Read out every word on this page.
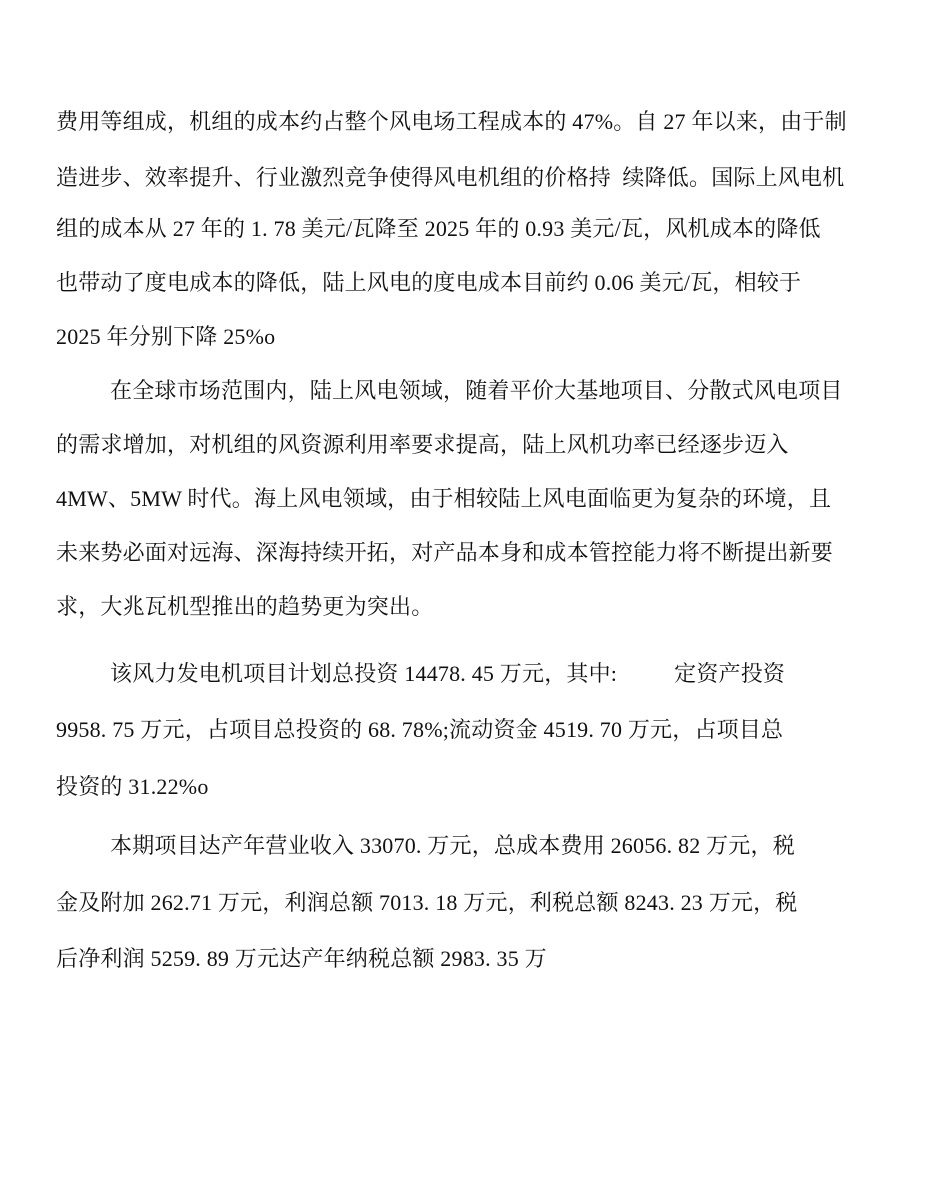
费用等组成，机组的成本约占整个风电场工程成本的 47%。自 27 年以来，由于制
造进步、效率提升、行业激烈竞争使得风电机组的价格持  续降低。国际上风电机
组的成本从 27 年的 1. 78 美元/瓦降至 2025 年的 0.93 美元/瓦，风机成本的降低
也带动了度电成本的降低，陆上风电的度电成本目前约 0.06 美元/瓦，相较于
2025 年分别下降 25%o
在全球市场范围内，陆上风电领域，随着平价大基地项目、分散式风电项目
的需求增加，对机组的风资源利用率要求提高，陆上风机功率已经逐步迈入
4MW、5MW 时代。海上风电领域，由于相较陆上风电面临更为复杂的环境，且
未来势必面对远海、深海持续开拓，对产品本身和成本管控能力将不断提出新要
求，大兆瓦机型推出的趋势更为突出。
该风力发电机项目计划总投资 14478. 45 万元，其中:          定资产投资
9958. 75 万元，占项目总投资的 68. 78%;流动资金 4519. 70 万元，占项目总
投资的 31.22%o
本期项目达产年营业收入 33070. 万元，总成本费用 26056. 82 万元，税
金及附加 262.71 万元，利润总额 7013. 18 万元，利税总额 8243. 23 万元，税
后净利润 5259. 89 万元达产年纳税总额 2983. 35 万
